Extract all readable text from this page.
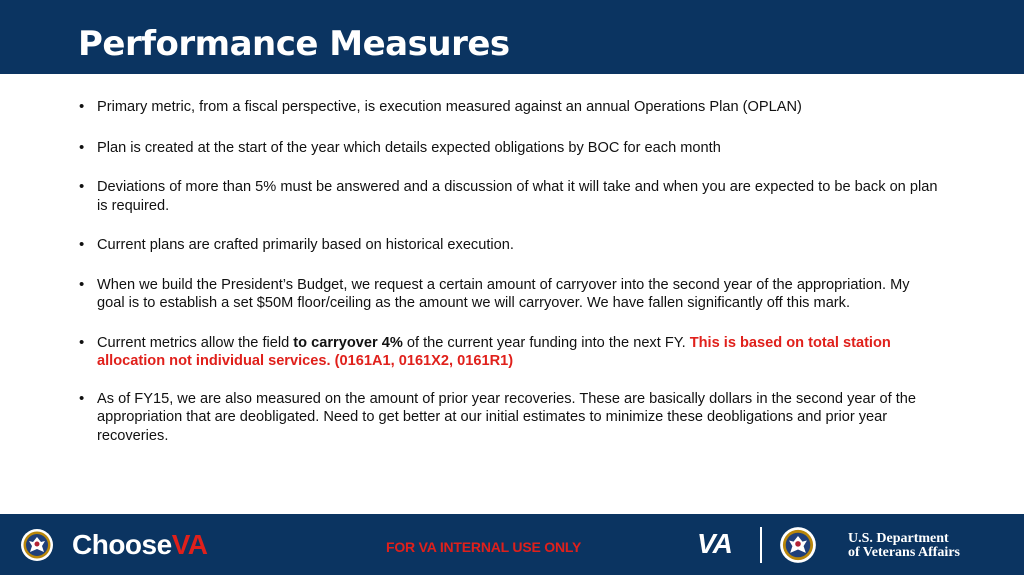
Performance Measures
• Primary metric, from a fiscal perspective, is execution measured against an annual Operations Plan (OPLAN)
• Plan is created at the start of the year which details expected obligations by BOC for each month
• Deviations of more than 5% must be answered and a discussion of what it will take and when you are expected to be back on plan is required.
• Current plans are crafted primarily based on historical execution.
• When we build the President’s Budget, we request a certain amount of carryover into the second year of the appropriation. My goal is to establish a set $50M floor/ceiling as the amount we will carryover. We have fallen significantly off this mark.
• Current metrics allow the field to carryover 4% of the current year funding into the next FY. This is based on total station allocation not individual services. (0161A1, 0161X2, 0161R1)
• As of FY15, we are also measured on the amount of prior year recoveries. These are basically dollars in the second year of the appropriation that are deobligated. Need to get better at our initial estimates to minimize these deobligations and prior year recoveries.
ChooseVA	FOR VA INTERNAL USE ONLY	VA	U.S. Department
of Veterans Affairs
